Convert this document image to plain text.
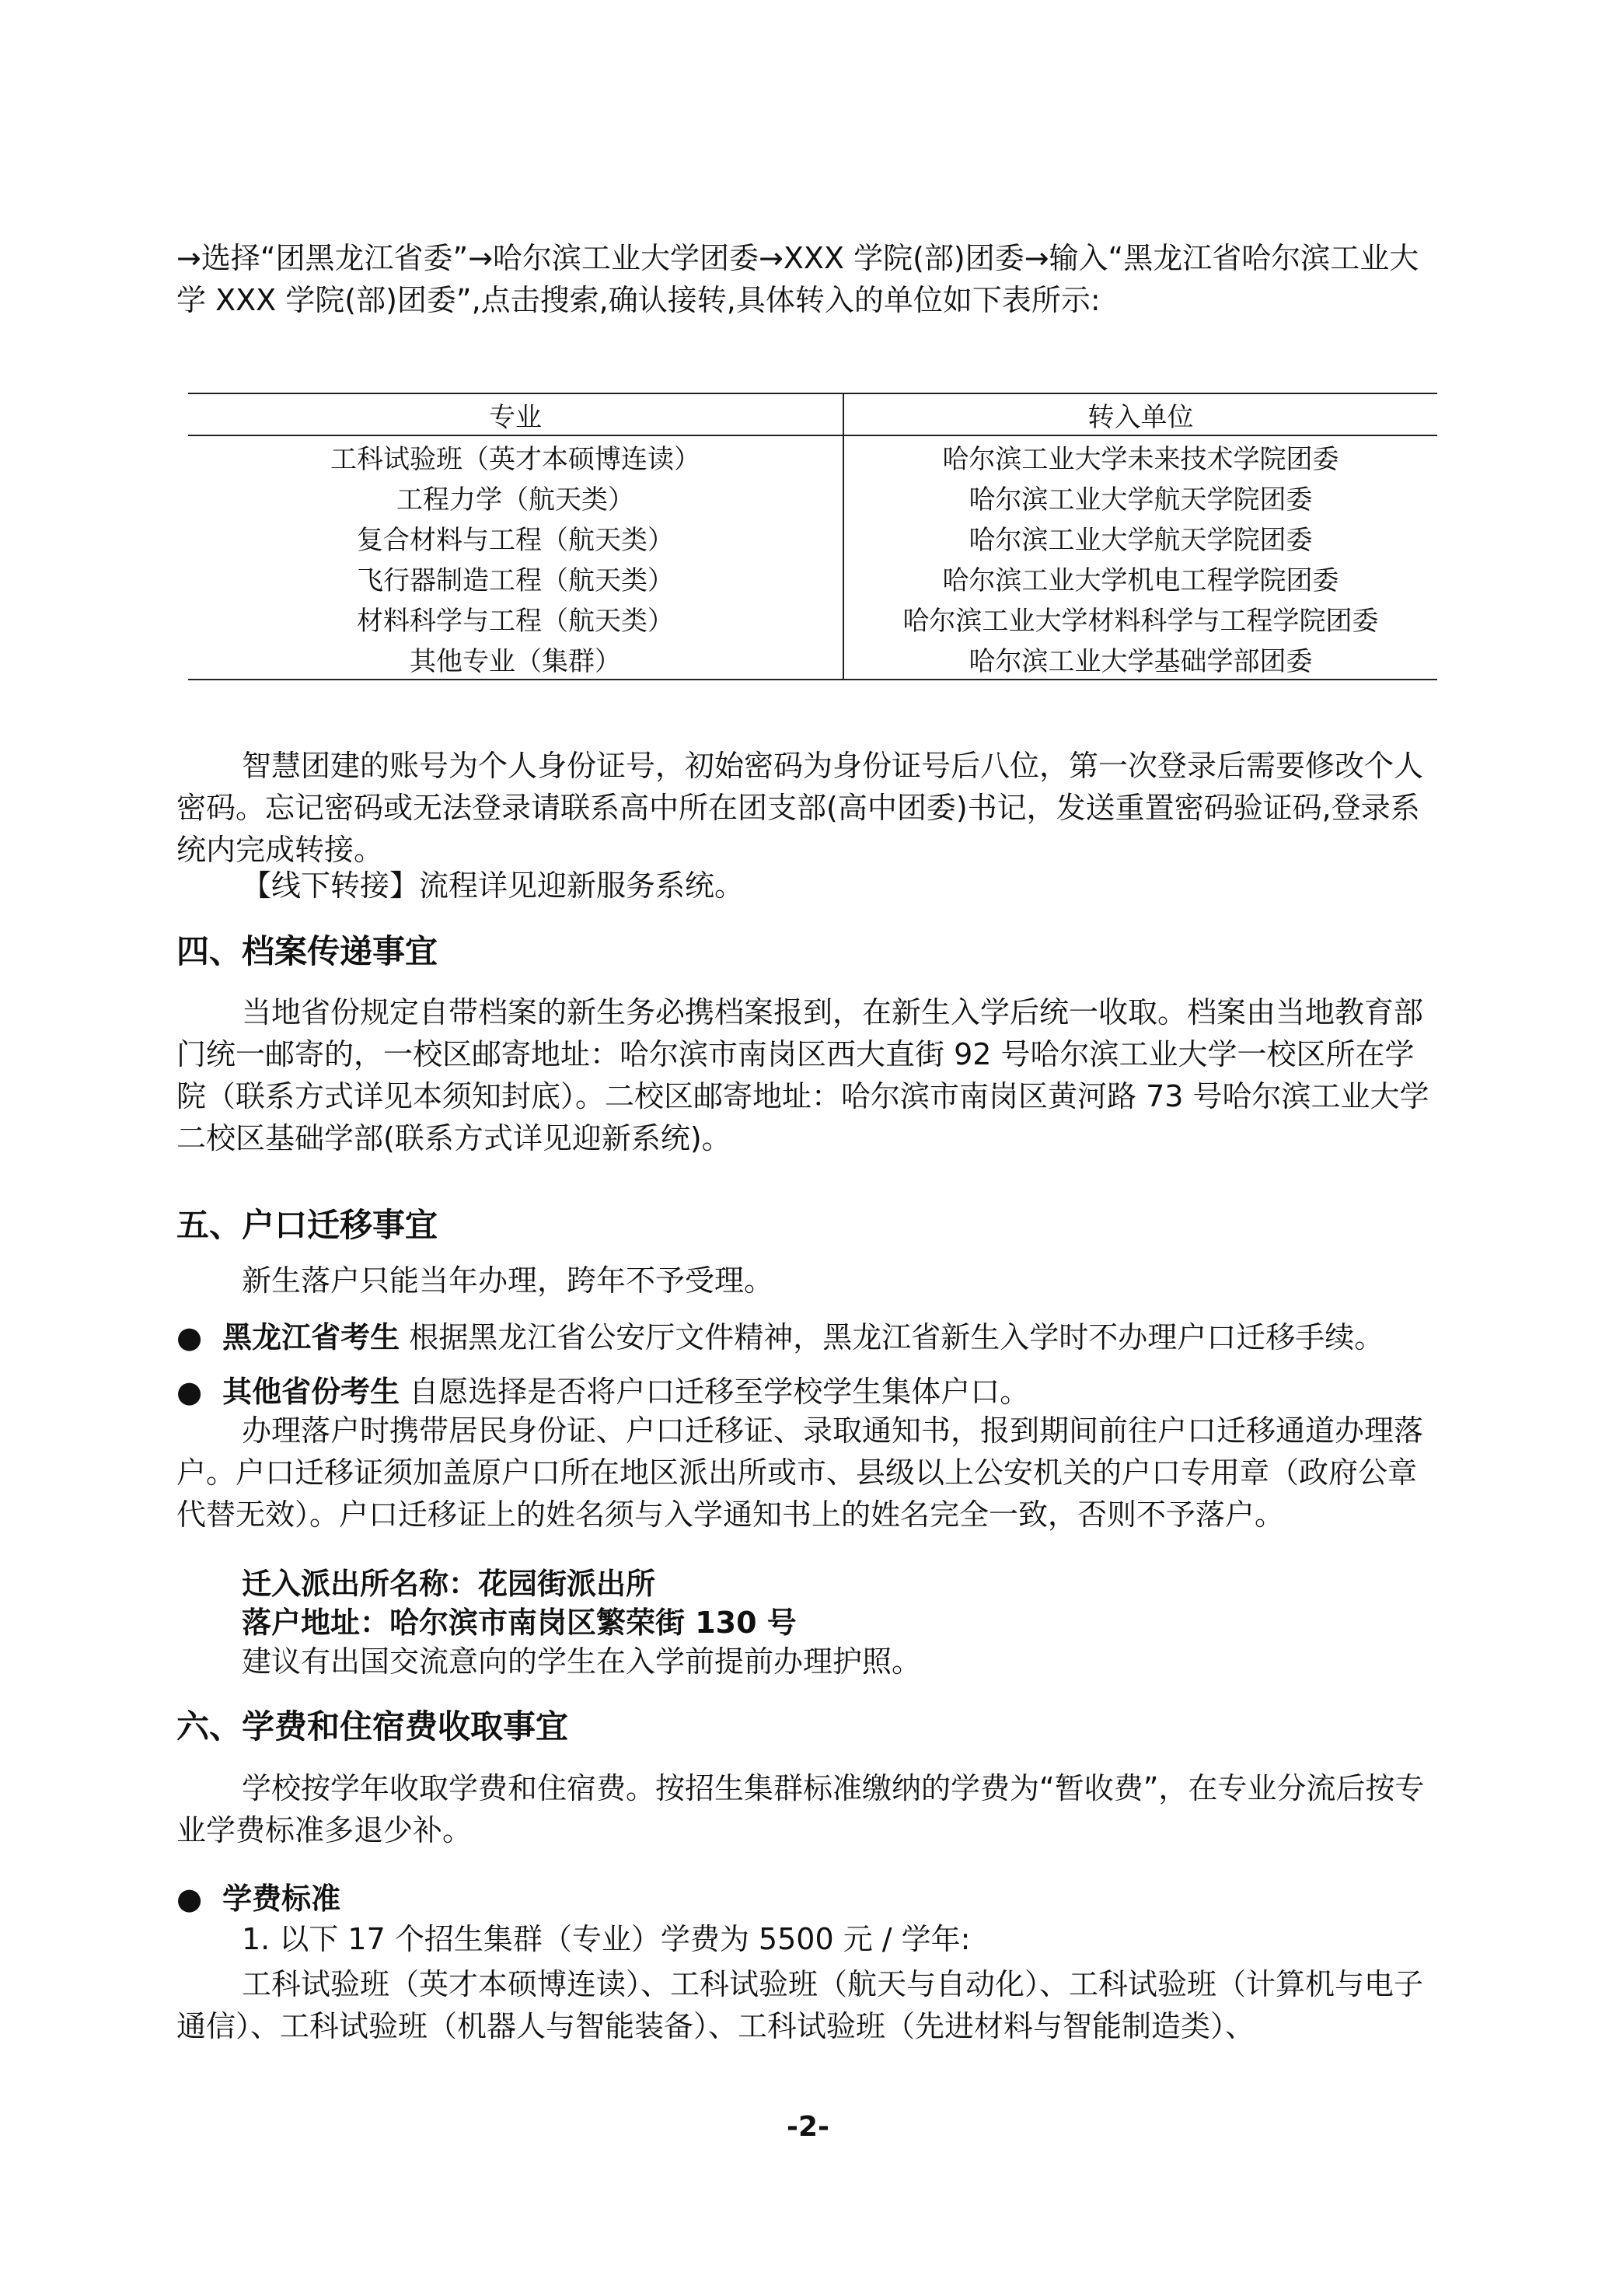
→选择“团黑龙江省委”→哈尔滨工业大学团委→XXX 学院(部)团委→输入“黑龙江省哈尔滨工业大学 XXX 学院(部)团委”,点击搜索,确认接转,具体转入的单位如下表所示:

专业	转入单位
工科试验班（英才本硕博连读）	哈尔滨工业大学未来技术学院团委
工程力学（航天类）	哈尔滨工业大学航天学院团委
复合材料与工程（航天类）	哈尔滨工业大学航天学院团委
飞行器制造工程（航天类）	哈尔滨工业大学机电工程学院团委
材料科学与工程（航天类）	哈尔滨工业大学材料科学与工程学院团委
其他专业（集群）	哈尔滨工业大学基础学部团委

智慧团建的账号为个人身份证号，初始密码为身份证号后八位，第一次登录后需要修改个人密码。忘记密码或无法登录请联系高中所在团支部(高中团委)书记，发送重置密码验证码,登录系统内完成转接。

【线下转接】流程详见迎新服务系统。

四、档案传递事宜

当地省份规定自带档案的新生务必携档案报到，在新生入学后统一收取。档案由当地教育部门统一邮寄的，一校区邮寄地址：哈尔滨市南岗区西大直街 92 号哈尔滨工业大学一校区所在学院（联系方式详见本须知封底）。二校区邮寄地址：哈尔滨市南岗区黄河路 73 号哈尔滨工业大学二校区基础学部(联系方式详见迎新系统)。

五、户口迁移事宜

新生落户只能当年办理，跨年不予受理。

● 黑龙江省考生 根据黑龙江省公安厅文件精神，黑龙江省新生入学时不办理户口迁移手续。

● 其他省份考生 自愿选择是否将户口迁移至学校学生集体户口。

办理落户时携带居民身份证、户口迁移证、录取通知书，报到期间前往户口迁移通道办理落户。户口迁移证须加盖原户口所在地区派出所或市、县级以上公安机关的户口专用章（政府公章代替无效）。户口迁移证上的姓名须与入学通知书上的姓名完全一致，否则不予落户。

迁入派出所名称：花园街派出所

落户地址：哈尔滨市南岗区繁荣街 130 号

建议有出国交流意向的学生在入学前提前办理护照。

六、学费和住宿费收取事宜

学校按学年收取学费和住宿费。按招生集群标准缴纳的学费为“暂收费”，在专业分流后按专业学费标准多退少补。

● 学费标准

1. 以下 17 个招生集群（专业）学费为 5500 元 / 学年:

工科试验班（英才本硕博连读）、工科试验班（航天与自动化）、工科试验班（计算机与电子通信）、工科试验班（机器人与智能装备）、工科试验班（先进材料与智能制造类）、

-2-
